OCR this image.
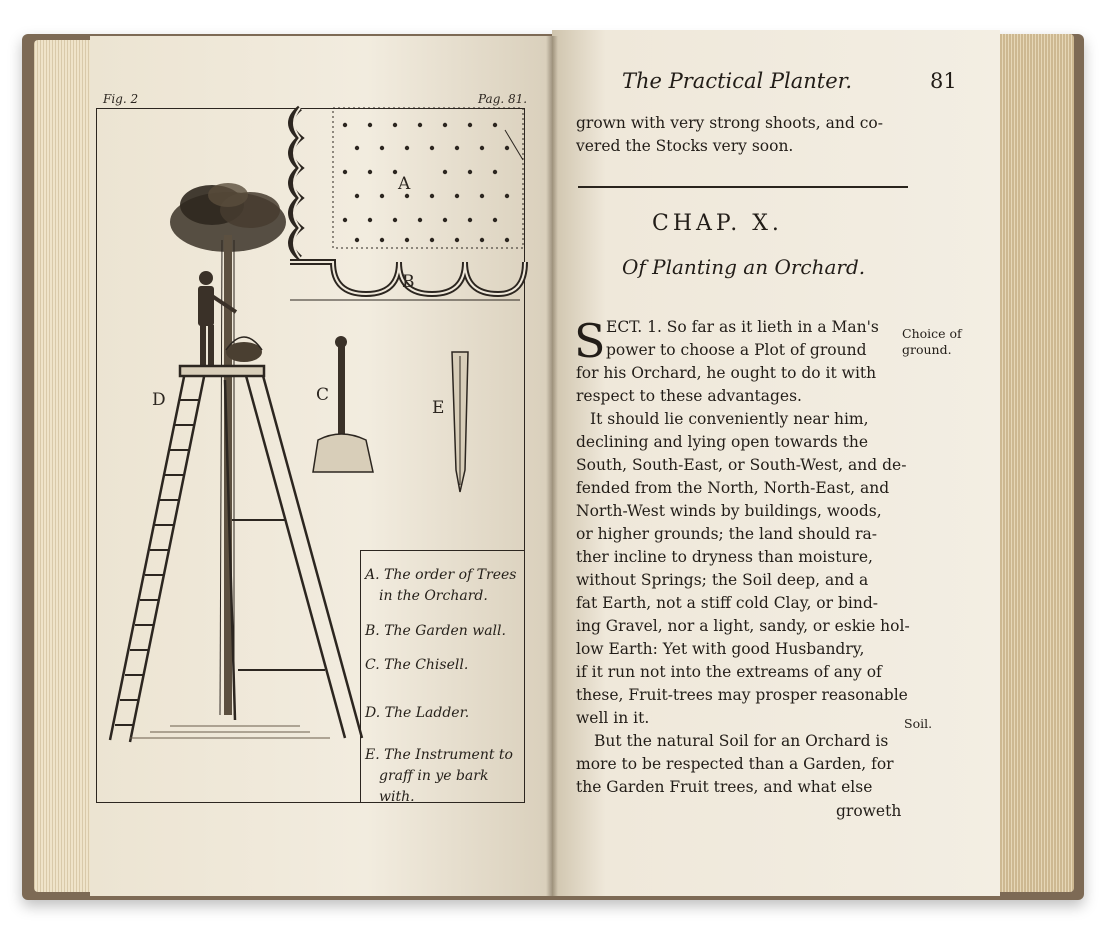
Fig. 2	Pag. 81.
A
B
C
D	E
A. The order of Trees
in the Orchard.
B. The Garden wall.
C. The Chisell.
D. The Ladder.
E. The Instrument to
graff in ye bark with.
The Practical Planter.	81
grown with very strong shoots, and co-
vered the Stocks very soon.
CHAP. X.
Of Planting an Orchard.
S ECT. 1. So far as it lieth in a Man's
power to choose a Plot of ground
for his Orchard, he ought to do it with
respect to these advantages.
It should lie conveniently near him,
declining and lying open towards the
South, South-East, or South-West, and de-
fended from the North, North-East, and
North-West winds by buildings, woods,
or higher grounds; the land should ra-
ther incline to dryness than moisture,
without Springs; the Soil deep, and a
fat Earth, not a stiff cold Clay, or bind-
ing Gravel, nor a light, sandy, or eskie hol-
low Earth: Yet with good Husbandry,
if it run not into the extreams of any of
these, Fruit-trees may prosper reasonable
well in it.
But the natural Soil for an Orchard is
more to be respected than a Garden, for
the Garden Fruit trees, and what else
groweth
Choice of
ground.
Soil.
